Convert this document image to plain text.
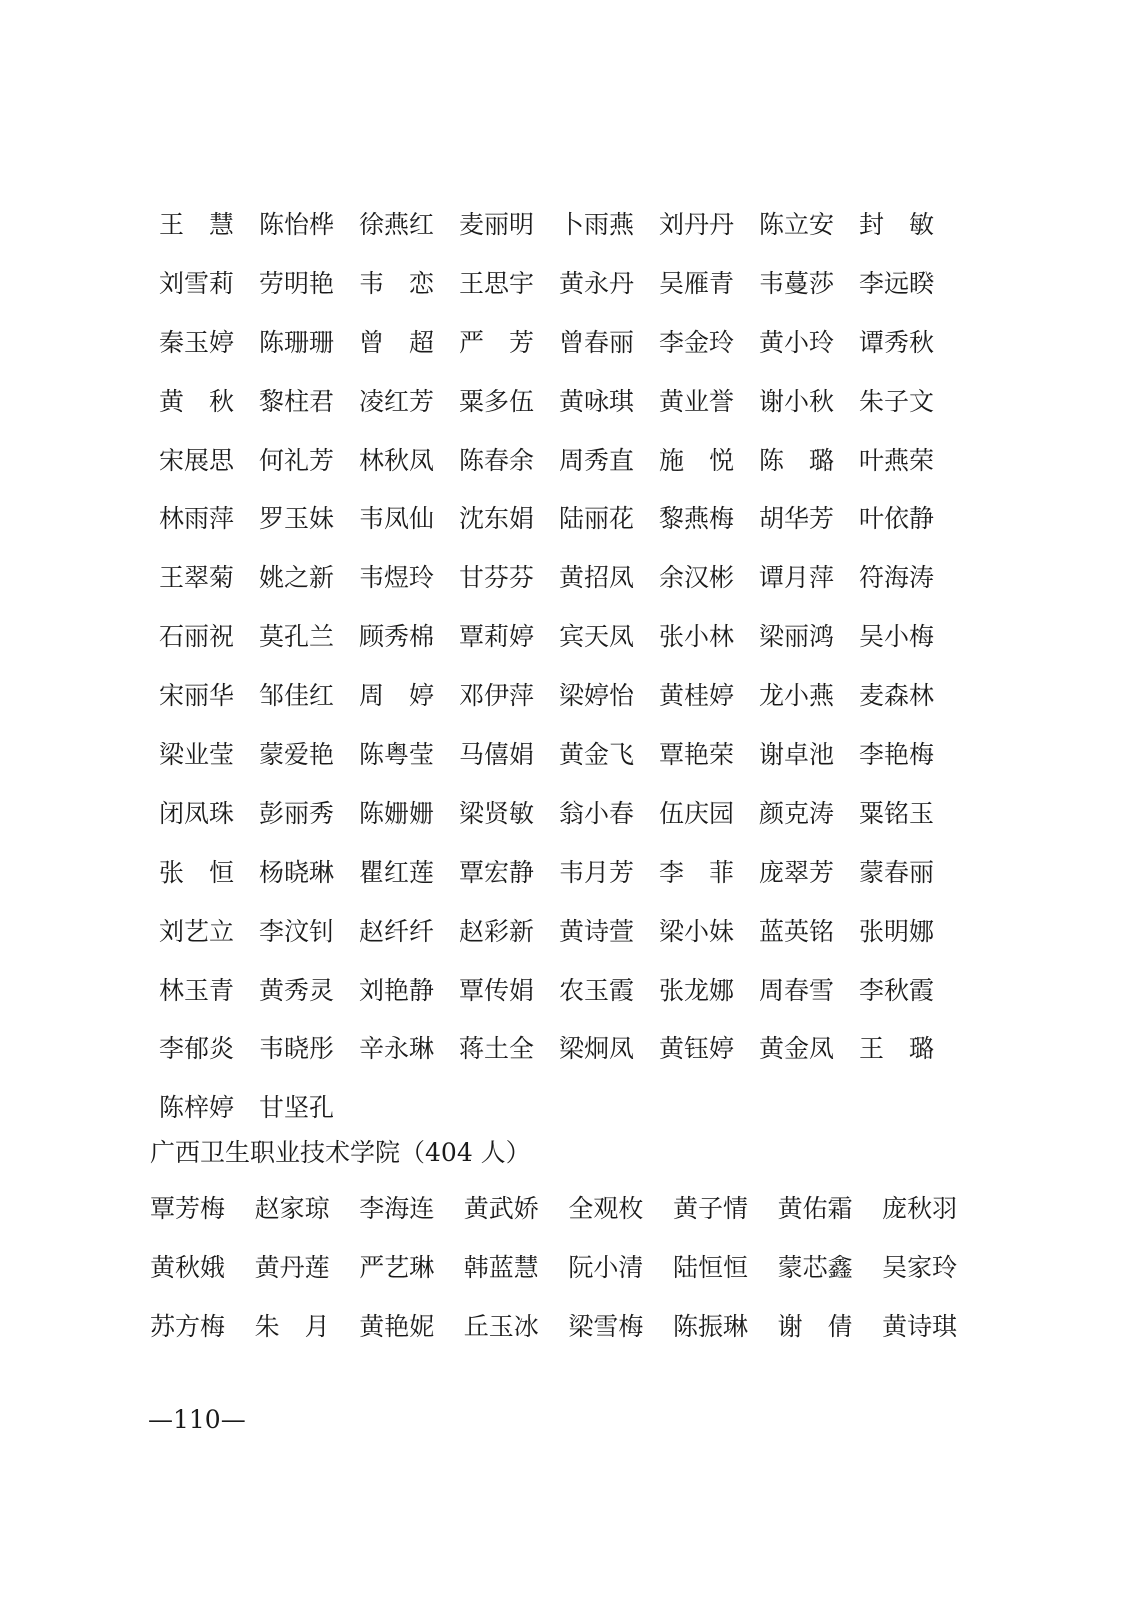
王　慧 陈怡桦 徐燕红 麦丽明 卜雨燕 刘丹丹 陈立安 封　敏
刘雪莉 劳明艳 韦　恋 王思宇 黄永丹 吴雁青 韦蔓莎 李远睽
秦玉婷 陈珊珊 曾　超 严　芳 曾春丽 李金玲 黄小玲 谭秀秋
黄　秋 黎柱君 凌红芳 粟多伍 黄咏琪 黄业誉 谢小秋 朱子文
宋展思 何礼芳 林秋凤 陈春余 周秀直 施　悦 陈　璐 叶燕荣
林雨萍 罗玉妹 韦凤仙 沈东娟 陆丽花 黎燕梅 胡华芳 叶依静
王翠菊 姚之新 韦煜玲 甘芬芬 黄招凤 余汉彬 谭月萍 符海涛
石丽祝 莫孔兰 顾秀棉 覃莉婷 宾天凤 张小林 梁丽鸿 吴小梅
宋丽华 邹佳红 周　婷 邓伊萍 梁婷怡 黄桂婷 龙小燕 麦森林
梁业莹 蒙爱艳 陈粤莹 马僖娟 黄金飞 覃艳荣 谢卓池 李艳梅
闭凤珠 彭丽秀 陈姗姗 梁贤敏 翁小春 伍庆园 颜克涛 粟铭玉
张　恒 杨晓琳 瞿红莲 覃宏静 韦月芳 李　菲 庞翠芳 蒙春丽
刘艺立 李汶钊 赵纤纤 赵彩新 黄诗萱 梁小妹 蓝英铭 张明娜
林玉青 黄秀灵 刘艳静 覃传娟 农玉霞 张龙娜 周春雪 李秋霞
李郁炎 韦晓彤 辛永琳 蒋土全 梁炯凤 黄钰婷 黄金凤 王　璐
陈梓婷 甘坚孔
广西卫生职业技术学院（404 人）
覃芳梅 赵家琼 李海连 黄武娇 全观枚 黄子情 黄佑霜 庞秋羽
黄秋娥 黄丹莲 严艺琳 韩蓝慧 阮小清 陆恒恒 蒙芯鑫 吴家玲
苏方梅 朱　月 黄艳妮 丘玉冰 梁雪梅 陈振琳 谢　倩 黄诗琪
—110—
